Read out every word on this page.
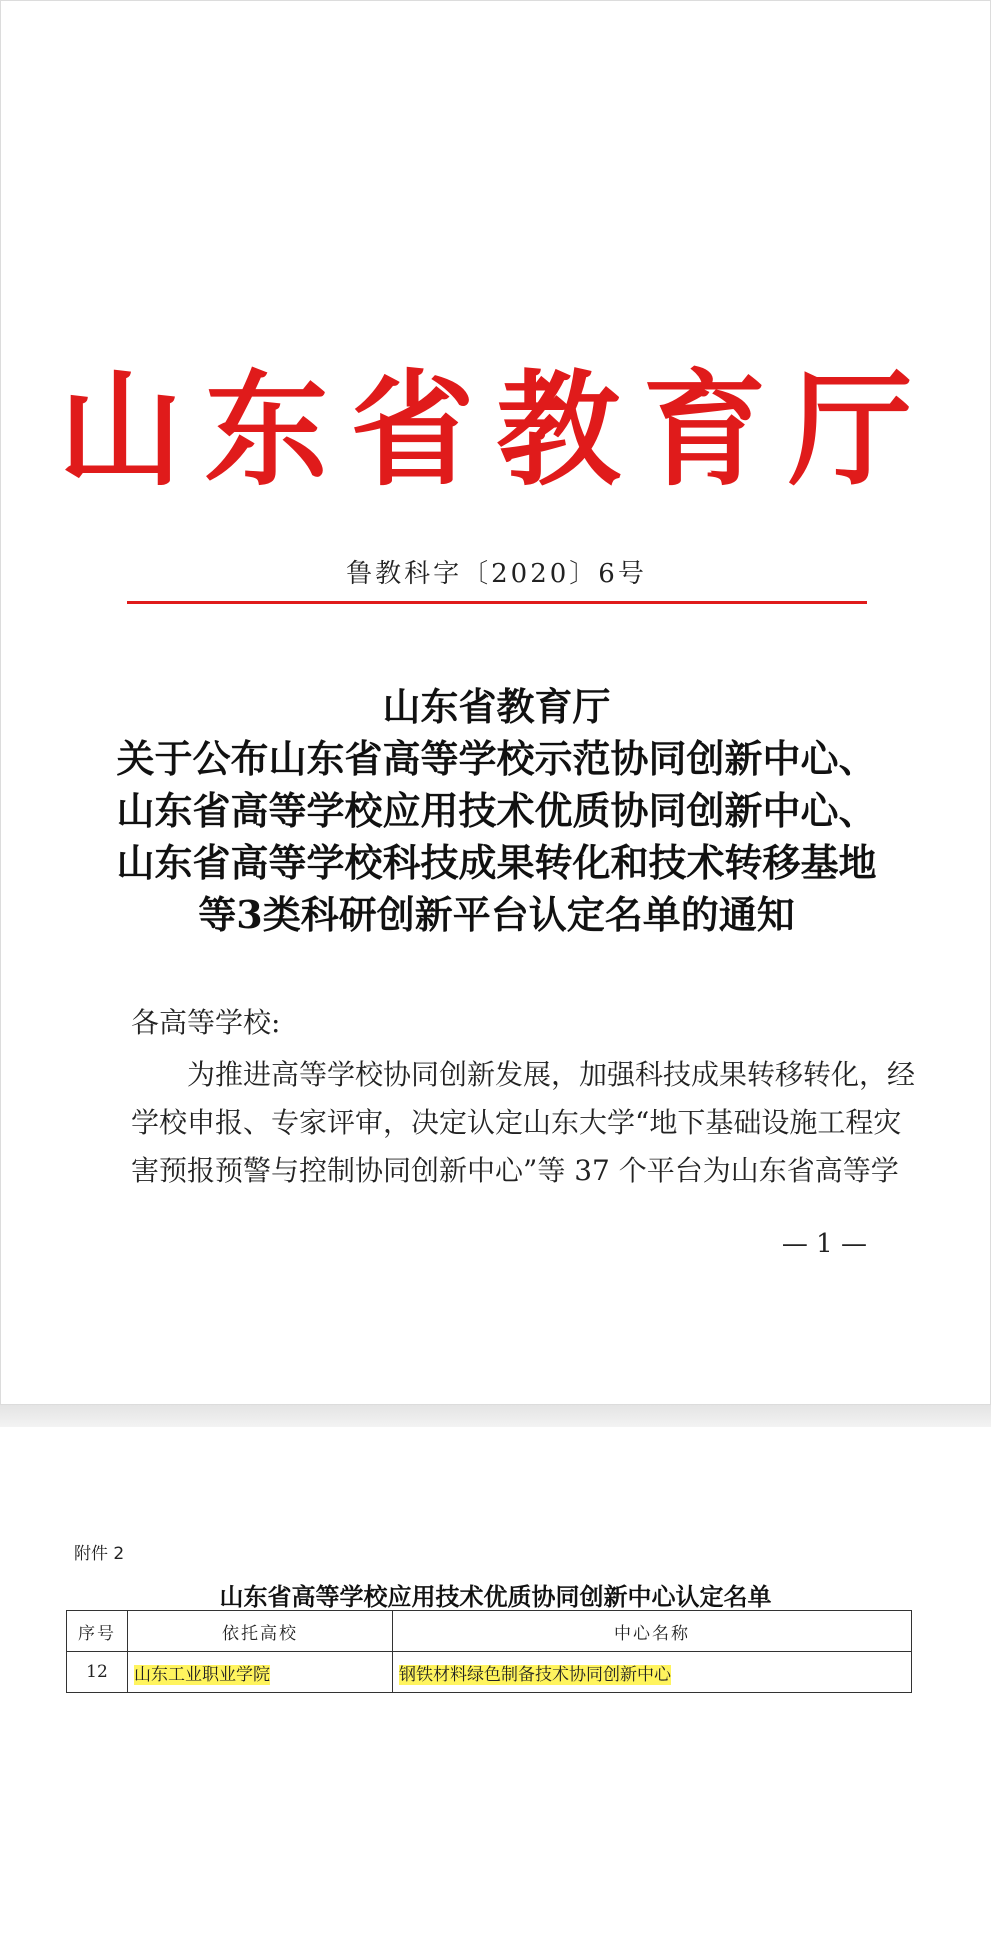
山东省教育厅
鲁教科字〔2020〕6号
山东省教育厅
关于公布山东省高等学校示范协同创新中心、
山东省高等学校应用技术优质协同创新中心、
山东省高等学校科技成果转化和技术转移基地
等3类科研创新平台认定名单的通知
各高等学校:
　　为推进高等学校协同创新发展，加强科技成果转移转化，经
学校申报、专家评审，决定认定山东大学“地下基础设施工程灾
害预报预警与控制协同创新中心”等 37 个平台为山东省高等学
— 1 —
附件 2
山东省高等学校应用技术优质协同创新中心认定名单
序号	依托高校	中心名称
12	山东工业职业学院	钢铁材料绿色制备技术协同创新中心
